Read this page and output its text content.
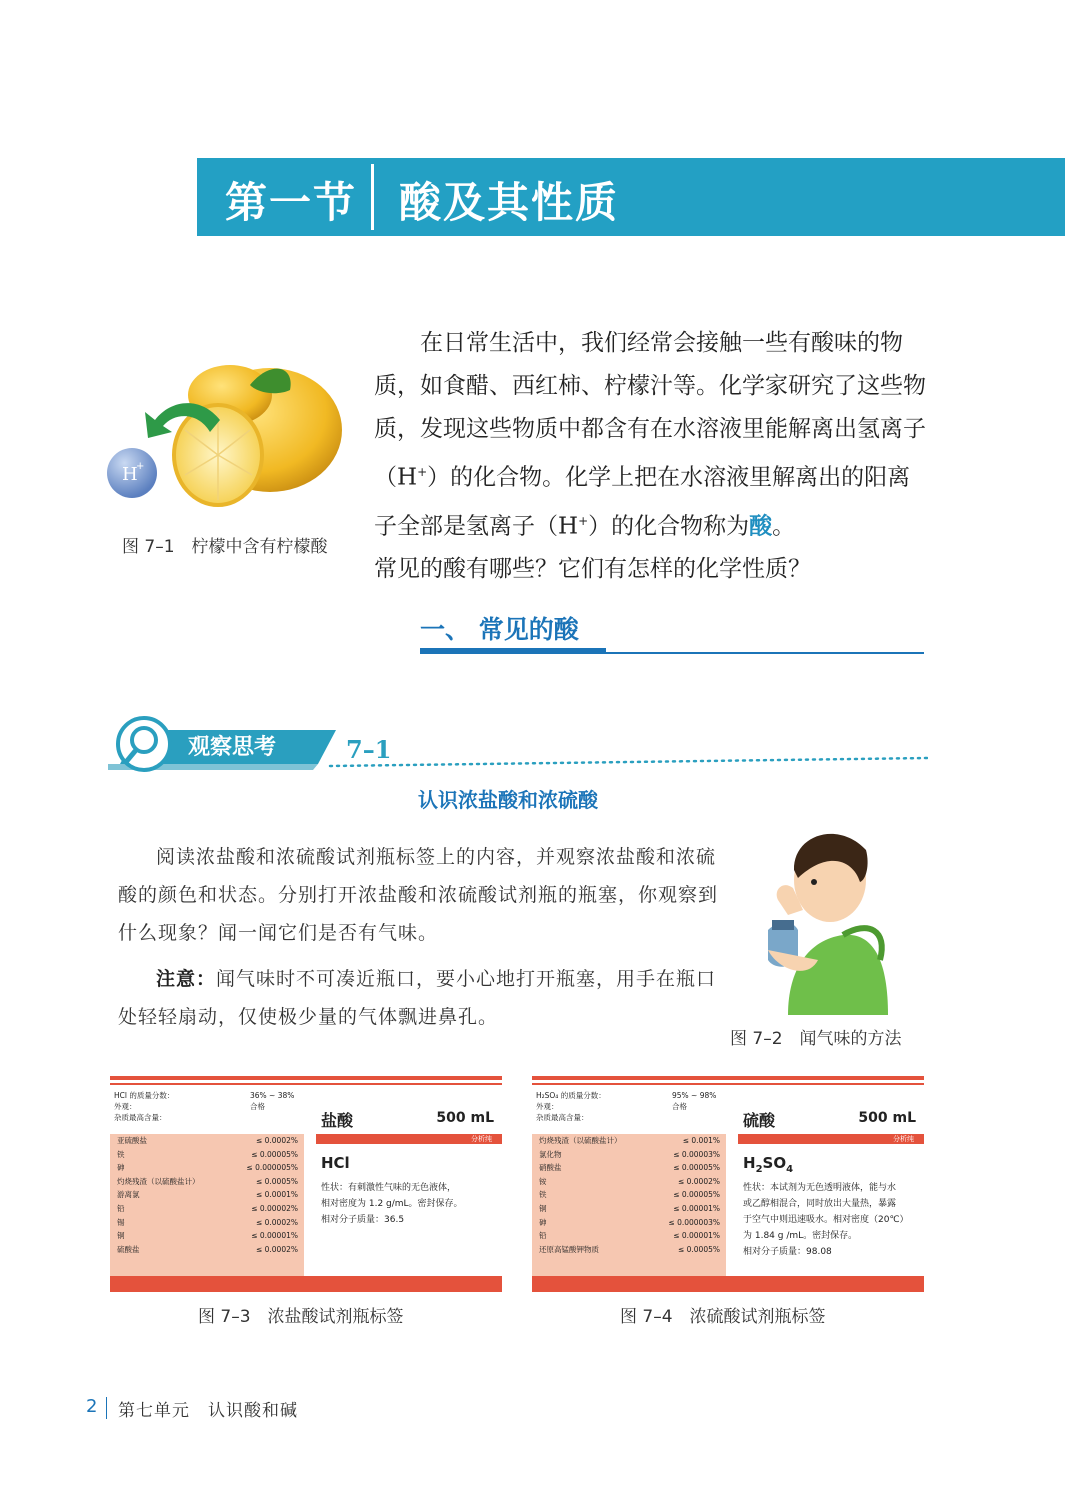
第一节 酸及其性质
H
+
图 7–1　柠檬中含有柠檬酸

在日常生活中，我们经常会接触一些有酸味的物质，如食醋、西红柿、柠檬汁等。化学家研究了这些物质，发现这些物质中都含有在水溶液里能解离出氢离子（H+）的化合物。化学上把在水溶液里解离出的阳离子全部是氢离子（H+）的化合物称为酸。

常见的酸有哪些？它们有怎样的化学性质？

一、 常见的酸
观察思考	7–1
认识浓盐酸和浓硫酸

阅读浓盐酸和浓硫酸试剂瓶标签上的内容，并观察浓盐酸和浓硫酸的颜色和状态。分别打开浓盐酸和浓硫酸试剂瓶的瓶塞，你观察到什么现象？闻一闻它们是否有气味。

注意：闻气味时不可凑近瓶口，要小心地打开瓶塞，用手在瓶口处轻轻扇动，仅使极少量的气体飘进鼻孔。

图 7–2　闻气味的方法
HCl 的质量分数：	36% ~ 38%
外观：	合格
杂质最高含量：
亚硫酸盐	≤ 0.0002%
铁	≤ 0.00005%
砷	≤ 0.000005%
灼烧残渣（以硫酸盐计）	≤ 0.0005%
游离氯	≤ 0.0001%
铅	≤ 0.00002%
锡	≤ 0.0002%
铜	≤ 0.00001%
硫酸盐	≤ 0.0002%
盐酸	500 mL
分析纯
HCl
性状：有刺激性气味的无色液体，
相对密度为 1.2 g/mL。密封保存。
相对分子质量：36.5
H₂SO₄ 的质量分数：	95% ~ 98%
外观：	合格
杂质最高含量：
灼烧残渣（以硫酸盐计）	≤ 0.001%
氯化物	≤ 0.00003%
硝酸盐	≤ 0.00005%
铵	≤ 0.0002%
铁	≤ 0.00005%
铜	≤ 0.00001%
砷	≤ 0.000003%
铅	≤ 0.00001%
还原高锰酸钾物质	≤ 0.0005%
硫酸	500 mL
分析纯
$H_2SO_4$
性状：本试剂为无色透明液体，能与水
或乙醇相混合，同时放出大量热，暴露
于空气中则迅速吸水。相对密度（20℃）
为 1.84 g /mL。密封保存。
相对分子质量：98.08
图 7–3　浓盐酸试剂瓶标签	图 7–4　浓硫酸试剂瓶标签
2 第七单元　认识酸和碱
